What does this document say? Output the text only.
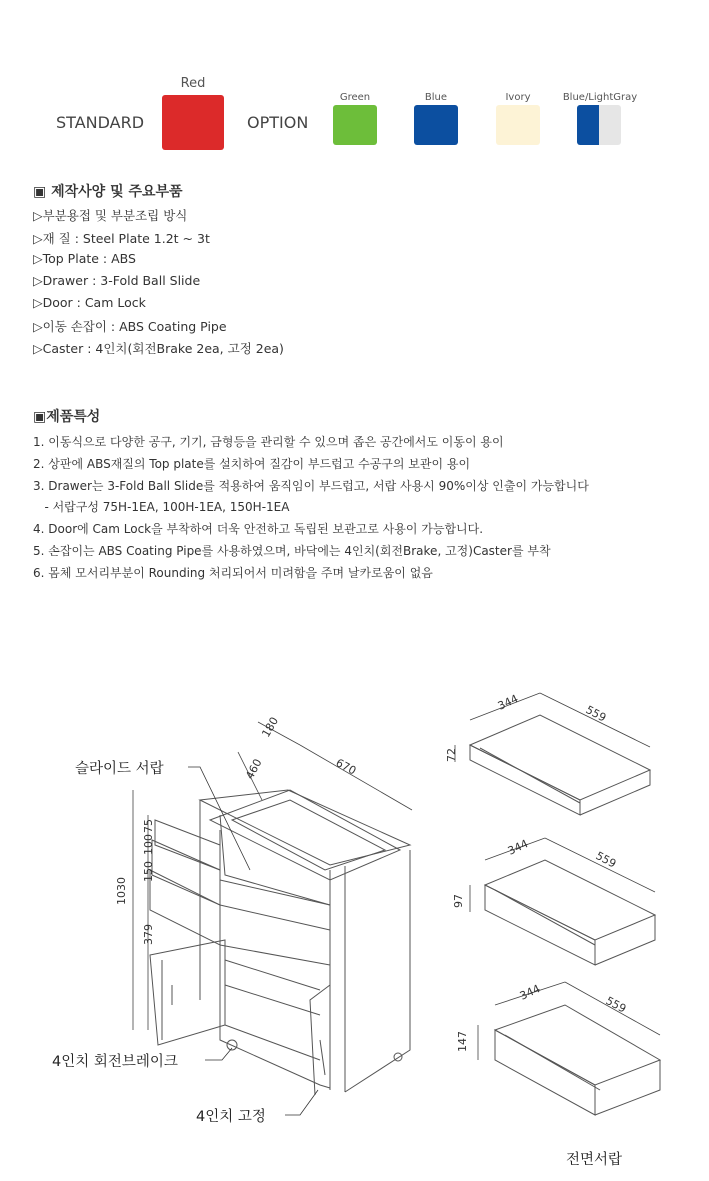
STANDARD
Red
OPTION
Green	Blue	Ivory	Blue/LightGray
▣ 제작사양 및 주요부품
▷부분용접 및 부분조립 방식
▷재 질 : Steel Plate 1.2t ~ 3t
▷Top Plate : ABS
▷Drawer : 3-Fold Ball Slide
▷Door : Cam Lock
▷이동 손잡이 : ABS Coating Pipe
▷Caster : 4인치(회전Brake 2ea, 고정 2ea)
▣제품특성
1. 이동식으로 다양한 공구, 기기, 금형등을 관리할 수 있으며 좁은 공간에서도 이동이 용이
2. 상판에 ABS재질의 Top plate를 설치하여 질감이 부드럽고 수공구의 보관이 용이
3. Drawer는 3-Fold Ball Slide를 적용하여 움직임이 부드럽고, 서랍 사용시 90%이상 인출이 가능합니다
- 서랍구성 75H-1EA, 100H-1EA, 150H-1EA
4. Door에 Cam Lock을 부착하여 더욱 안전하고 독립된 보관고로 사용이 가능합니다.
5. 손잡이는 ABS Coating Pipe를 사용하였으며, 바닥에는 4인치(회전Brake, 고정)Caster를 부착
6. 몸체 모서리부분이 Rounding 처리되어서 미려함을 주며 날카로움이 없음
180
460	670
1030
75
100
150
379
344
559
72
344
559
97
344
559
147
슬라이드 서랍
4인치 회전브레이크
4인치 고정
전면서랍
